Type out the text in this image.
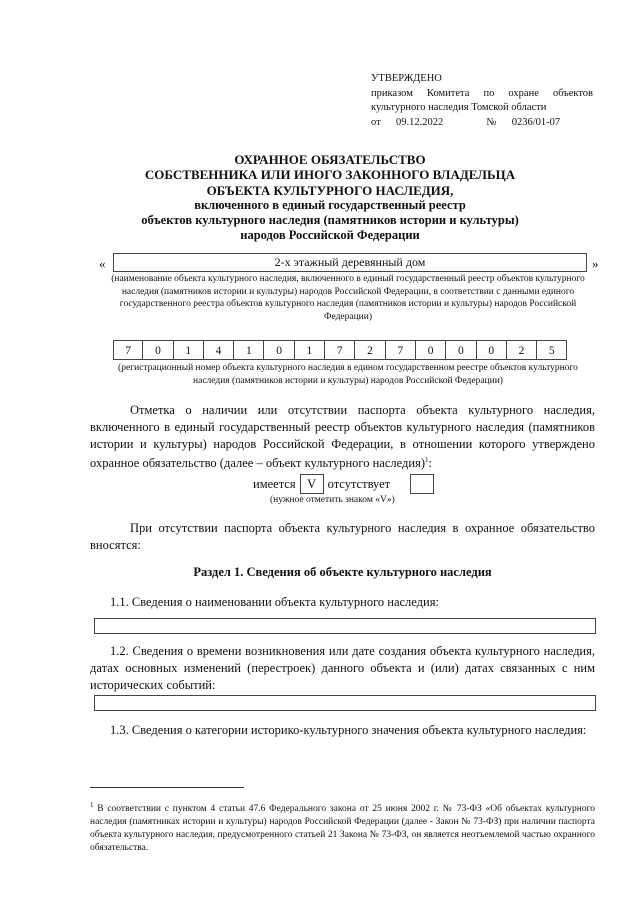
УТВЕРЖДЕНО
приказом Комитета по охране объектов
культурного наследия Томской области
от 09.12.2022	№ 0236/01-07
ОХРАННОЕ ОБЯЗАТЕЛЬСТВО
СОБСТВЕННИКА ИЛИ ИНОГО ЗАКОННОГО ВЛАДЕЛЬЦА
ОБЪЕКТА КУЛЬТУРНОГО НАСЛЕДИЯ,
включенного в единый государственный реестр
объектов культурного наследия (памятников истории и культуры)
народов Российской Федерации
«	2-х этажный деревянный дом	»
(наименование объекта культурного наследия, включенного в единый государственный реестр объектов культурного наследия (памятников истории и культуры) народов Российской Федерации, в соответствии с данными единого государственного реестра объектов культурного наследия (памятников истории и культуры) народов Российской Федерации)
7	0	1	4	1	0	1	7	2	7	0	0	0	2	5
(регистрационный номер объекта культурного наследия в едином государственном реестре объектов культурного наследия (памятников истории и культуры) народов Российской Федерации)
Отметка о наличии или отсутствии паспорта объекта культурного наследия, включенного в единый государственный реестр объектов культурного наследия (памятников истории и культуры) народов Российской Федерации, в отношении которого утверждено охранное обязательство (далее – объект культурного наследия)$^1$:
имеется V отсутствует
(нужное отметить знаком «V»)
При отсутствии паспорта объекта культурного наследия в охранное обязательство вносятся:
Раздел 1. Сведения об объекте культурного наследия
1.1. Сведения о наименовании объекта культурного наследия:
1.2. Сведения о времени возникновения или дате создания объекта культурного наследия, датах основных изменений (перестроек) данного объекта и (или) датах связанных с ним исторических событий:
1.3. Сведения о категории историко-культурного значения объекта культурного наследия:
$^1$ В соответствии с пунктом 4 статьи 47.6 Федерального закона от 25 июня 2002 г. № 73-ФЗ «Об объектах культурного наследия (памятниках истории и культуры) народов Российской Федерации (далее - Закон № 73-ФЗ) при наличии паспорта объекта культурного наследия, предусмотренного статьей 21 Закона № 73-ФЗ, он является неотъемлемой частью охранного обязательства.
